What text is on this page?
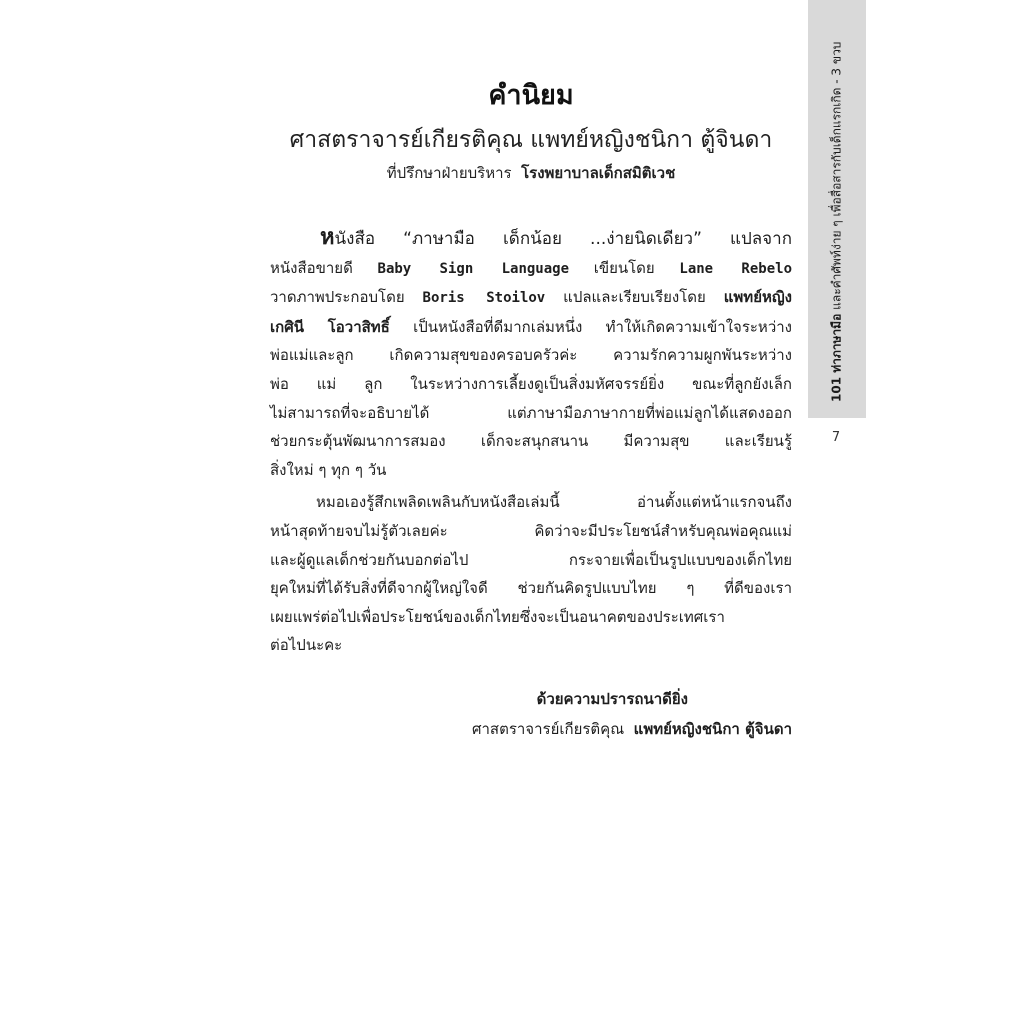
101 ท่าภาษามือ และคำศัพท์ง่าย ๆ เพื่อสื่อสารกับเด็กแรกเกิด - 3 ขวบ
7
คำนิยม
ศาสตราจารย์เกียรติคุณ แพทย์หญิงชนิกา ตู้จินดา
ที่ปรึกษาฝ่ายบริหาร โรงพยาบาลเด็กสมิติเวช
หนังสือ “ภาษามือ เด็กน้อย ...ง่ายนิดเดียว” แปลจาก
หนังสือขายดี Baby Sign Language เขียนโดย Lane Rebelo
วาดภาพประกอบโดย Boris Stoilov แปลและเรียบเรียงโดย แพทย์หญิง
เกศินี โอวาสิทธิ์ เป็นหนังสือที่ดีมากเล่มหนึ่ง ทำให้เกิดความเข้าใจระหว่าง
พ่อแม่และลูก เกิดความสุขของครอบครัวค่ะ ความรักความผูกพันระหว่าง
พ่อ แม่ ลูก ในระหว่างการเลี้ยงดูเป็นสิ่งมหัศจรรย์ยิ่ง ขณะที่ลูกยังเล็ก
ไม่สามารถที่จะอธิบายได้ แต่ภาษามือภาษากายที่พ่อแม่ลูกได้แสดงออก
ช่วยกระตุ้นพัฒนาการสมอง เด็กจะสนุกสนาน มีความสุข และเรียนรู้
สิ่งใหม่ ๆ ทุก ๆ วัน
หมอเองรู้สึกเพลิดเพลินกับหนังสือเล่มนี้ อ่านตั้งแต่หน้าแรกจนถึง
หน้าสุดท้ายจบไม่รู้ตัวเลยค่ะ คิดว่าจะมีประโยชน์สำหรับคุณพ่อคุณแม่
และผู้ดูแลเด็กช่วยกันบอกต่อไป กระจายเพื่อเป็นรูปแบบของเด็กไทย
ยุคใหม่ที่ได้รับสิ่งที่ดีจากผู้ใหญ่ใจดี ช่วยกันคิดรูปแบบไทย ๆ ที่ดีของเรา
เผยแพร่ต่อไปเพื่อประโยชน์ของเด็กไทยซึ่งจะเป็นอนาคตของประเทศเรา
ต่อไปนะคะ
ด้วยความปรารถนาดียิ่ง
ศาสตราจารย์เกียรติคุณ แพทย์หญิงชนิกา ตู้จินดา
